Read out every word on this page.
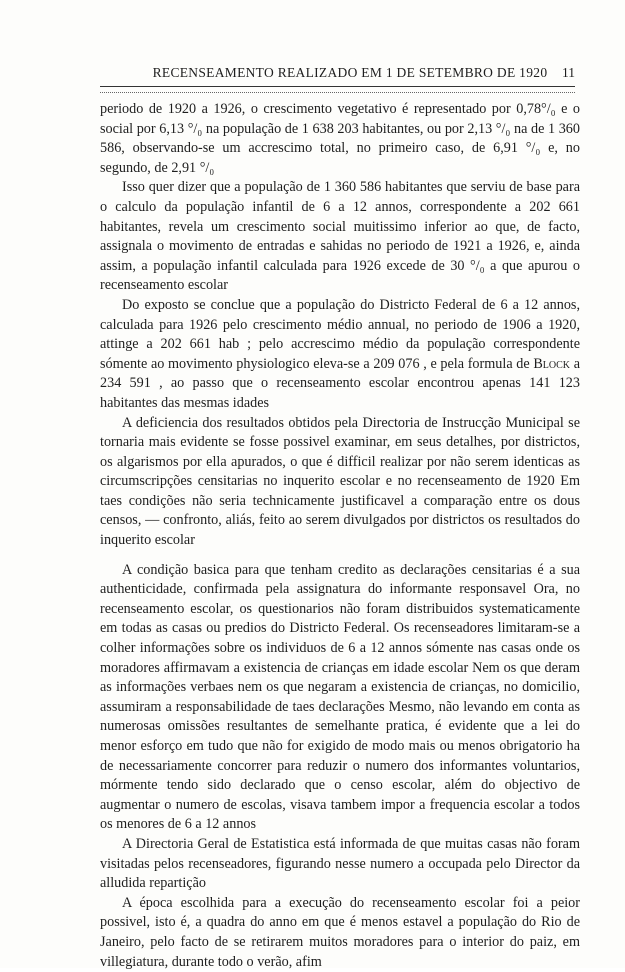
RECENSEAMENTO REALIZADO EM 1 DE SETEMBRO DE 1920 11

periodo de 1920 a 1926, o crescimento vegetativo é representado por 0,78°/₀ e o social por 6,13 °/₀ na população de 1 638 203 habitantes, ou por 2,13 °/₀ na de 1 360 586, observando-se um accrescimo total, no primeiro caso, de 6,91 °/₀ e, no segundo, de 2,91 °/₀

Isso quer dizer que a população de 1 360 586 habitantes que serviu de base para o calculo da população infantil de 6 a 12 annos, correspondente a 202 661 habitantes, revela um crescimento social muitissimo inferior ao que, de facto, assignala o movimento de entradas e sahidas no periodo de 1921 a 1926, e, ainda assim, a população infantil calculada para 1926 excede de 30 °/₀ a que apurou o recenseamento escolar

Do exposto se conclue que a população do Districto Federal de 6 a 12 annos, calculada para 1926 pelo crescimento médio annual, no periodo de 1906 a 1920, attinge a 202 661 hab ; pelo accrescimo médio da população correspondente sómente ao movimento physiologico eleva-se a 209 076 , e pela formula de Block a 234 591 , ao passo que o recenseamento escolar encontrou apenas 141 123 habitantes das mesmas idades

A deficiencia dos resultados obtidos pela Directoria de Instrucção Municipal se tornaria mais evidente se fosse possivel examinar, em seus detalhes, por districtos, os algarismos por ella apurados, o que é difficil realizar por não serem identicas as circumscripções censitarias no inquerito escolar e no recenseamento de 1920 Em taes condições não seria technicamente justificavel a comparação entre os dous censos, — confronto, aliás, feito ao serem divulgados por districtos os resultados do inquerito escolar

A condição basica para que tenham credito as declarações censitarias é a sua authenticidade, confirmada pela assignatura do informante responsavel Ora, no recenseamento escolar, os questionarios não foram distribuidos systematicamente em todas as casas ou predios do Districto Federal. Os recenseadores limitaram-se a colher informações sobre os individuos de 6 a 12 annos sómente nas casas onde os moradores affirmavam a existencia de crianças em idade escolar Nem os que deram as informações verbaes nem os que negaram a existencia de crianças, no domicilio, assumiram a responsabilidade de taes declarações Mesmo, não levando em conta as numerosas omissões resultantes de semelhante pratica, é evidente que a lei do menor esforço em tudo que não for exigido de modo mais ou menos obrigatorio ha de necessariamente concorrer para reduzir o numero dos informantes voluntarios, mórmente tendo sido declarado que o censo escolar, além do objectivo de augmentar o numero de escolas, visava tambem impor a frequencia escolar a todos os menores de 6 a 12 annos

A Directoria Geral de Estatistica está informada de que muitas casas não foram visitadas pelos recenseadores, figurando nesse numero a occupada pelo Director da alludida repartição

A época escolhida para a execução do recenseamento escolar foi a peior possivel, isto é, a quadra do anno em que é menos estavel a população do Rio de Janeiro, pelo facto de se retirarem muitos moradores para o interior do paiz, em villegiatura, durante todo o verão, afim
